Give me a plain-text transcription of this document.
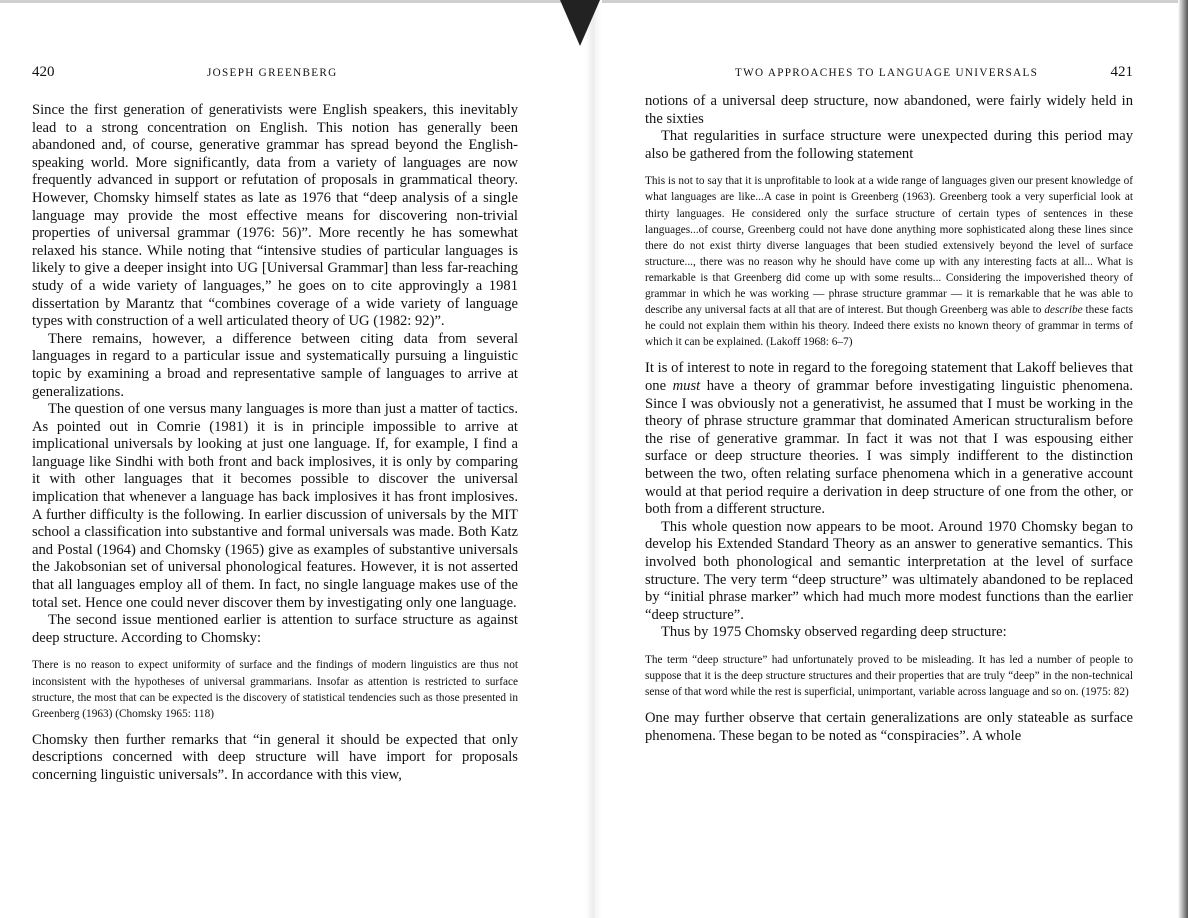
420	JOSEPH GREENBERG

Since the first generation of generativists were English speakers, this inevitably lead to a strong concentration on English. This notion has generally been abandoned and, of course, generative grammar has spread beyond the English-speaking world. More significantly, data from a variety of languages are now frequently advanced in support or refutation of proposals in grammatical theory. However, Chomsky himself states as late as 1976 that “deep analysis of a single language may provide the most effective means for discovering non-trivial properties of universal grammar (1976: 56)”. More recently he has somewhat relaxed his stance. While noting that “intensive studies of particular languages is likely to give a deeper insight into UG [Universal Grammar] than less far-reaching study of a wide variety of languages,” he goes on to cite approvingly a 1981 dissertation by Marantz that “combines coverage of a wide variety of language types with construction of a well articulated theory of UG (1982: 92)”.

There remains, however, a difference between citing data from several languages in regard to a particular issue and systematically pursuing a linguistic topic by examining a broad and representative sample of languages to arrive at generalizations.

The question of one versus many languages is more than just a matter of tactics. As pointed out in Comrie (1981) it is in principle impossible to arrive at implicational universals by looking at just one language. If, for example, I find a language like Sindhi with both front and back implosives, it is only by comparing it with other languages that it becomes possible to discover the universal implication that whenever a language has back implosives it has front implosives. A further difficulty is the following. In earlier discussion of universals by the MIT school a classification into substantive and formal universals was made. Both Katz and Postal (1964) and Chomsky (1965) give as examples of substantive universals the Jakobsonian set of universal phonological features. However, it is not asserted that all languages employ all of them. In fact, no single language makes use of the total set. Hence one could never discover them by investigating only one language.

The second issue mentioned earlier is attention to surface structure as against deep structure. According to Chomsky:

There is no reason to expect uniformity of surface and the findings of modern linguistics are thus not inconsistent with the hypotheses of universal grammarians. Insofar as attention is restricted to surface structure, the most that can be expected is the discovery of statistical tendencies such as those presented in Greenberg (1963) (Chomsky 1965: 118)

Chomsky then further remarks that “in general it should be expected that only descriptions concerned with deep structure will have import for proposals concerning linguistic universals”. In accordance with this view,

TWO APPROACHES TO LANGUAGE UNIVERSALS	421

notions of a universal deep structure, now abandoned, were fairly widely held in the sixties

That regularities in surface structure were unexpected during this period may also be gathered from the following statement

This is not to say that it is unprofitable to look at a wide range of languages given our present knowledge of what languages are like...A case in point is Greenberg (1963). Greenberg took a very superficial look at thirty languages. He considered only the surface structure of certain types of sentences in these languages...of course, Greenberg could not have done anything more sophisticated along these lines since there do not exist thirty diverse languages that been studied extensively beyond the level of surface structure..., there was no reason why he should have come up with any interesting facts at all... What is remarkable is that Greenberg did come up with some results... Considering the impoverished theory of grammar in which he was working — phrase structure grammar — it is remarkable that he was able to describe any universal facts at all that are of interest. But though Greenberg was able to describe these facts he could not explain them within his theory. Indeed there exists no known theory of grammar in terms of which it can be explained. (Lakoff 1968: 6–7)

It is of interest to note in regard to the foregoing statement that Lakoff believes that one must have a theory of grammar before investigating linguistic phenomena. Since I was obviously not a generativist, he assumed that I must be working in the theory of phrase structure grammar that dominated American structuralism before the rise of generative grammar. In fact it was not that I was espousing either surface or deep structure theories. I was simply indifferent to the distinction between the two, often relating surface phenomena which in a generative account would at that period require a derivation in deep structure of one from the other, or both from a different structure.

This whole question now appears to be moot. Around 1970 Chomsky began to develop his Extended Standard Theory as an answer to generative semantics. This involved both phonological and semantic interpretation at the level of surface structure. The very term “deep structure” was ultimately abandoned to be replaced by “initial phrase marker” which had much more modest functions than the earlier “deep structure”.

Thus by 1975 Chomsky observed regarding deep structure:

The term “deep structure” had unfortunately proved to be misleading. It has led a number of people to suppose that it is the deep structure structures and their properties that are truly “deep” in the non-technical sense of that word while the rest is superficial, unimportant, variable across language and so on. (1975: 82)

One may further observe that certain generalizations are only stateable as surface phenomena. These began to be noted as “conspiracies”. A whole
